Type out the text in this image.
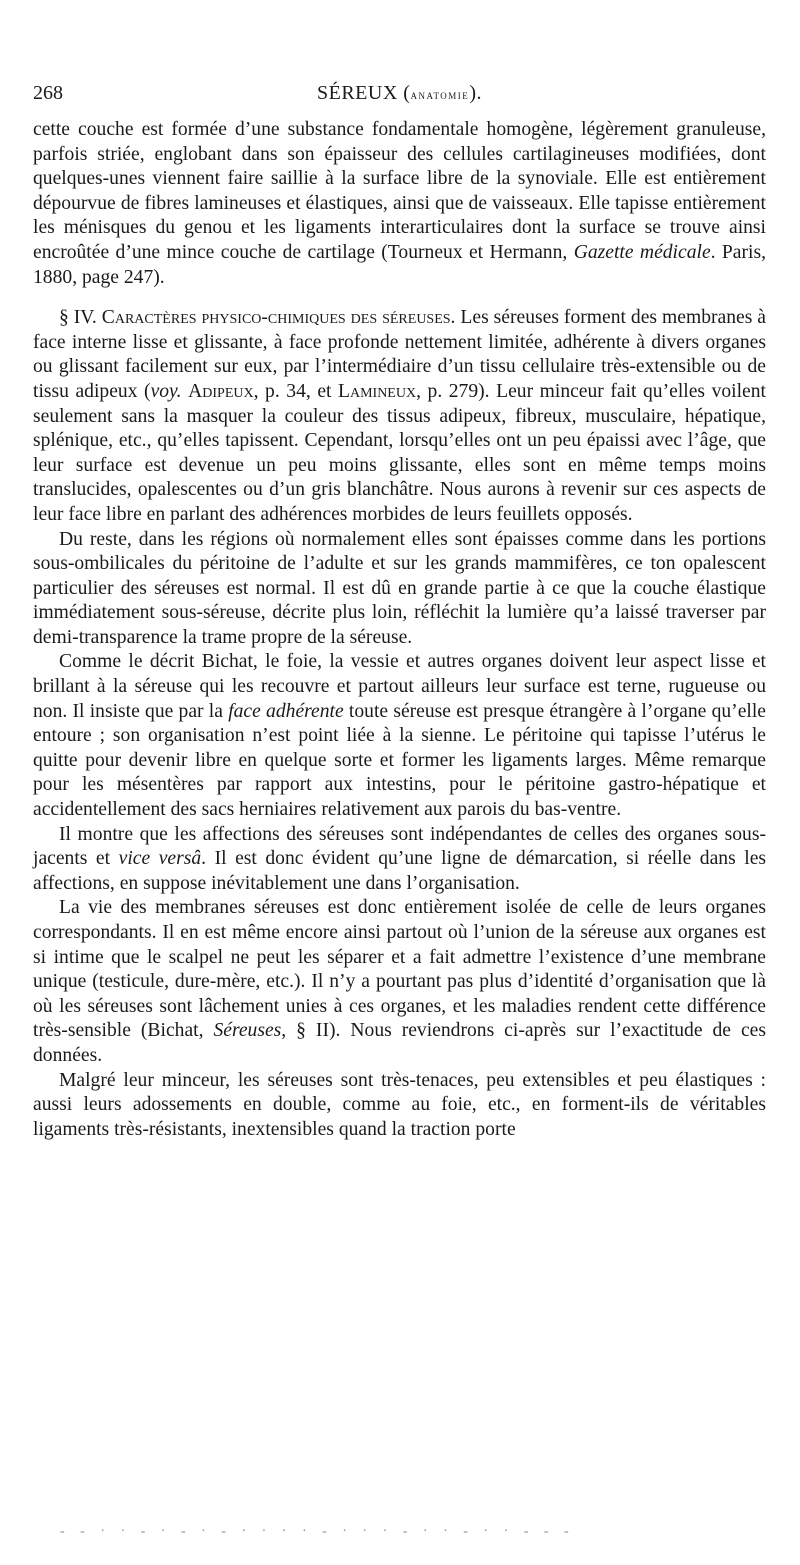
268	SÉREUX (anatomie).

cette couche est formée d’une substance fondamentale homogène, légèrement granuleuse, parfois striée, englobant dans son épaisseur des cellules cartilagineuses modifiées, dont quelques-unes viennent faire saillie à la surface libre de la synoviale. Elle est entièrement dépourvue de fibres lamineuses et élastiques, ainsi que de vaisseaux. Elle tapisse entièrement les ménisques du genou et les ligaments interarticulaires dont la surface se trouve ainsi encroûtée d’une mince couche de cartilage (Tourneux et Hermann, Gazette médicale. Paris, 1880, page 247).

§ IV. Caractères physico-chimiques des séreuses. Les séreuses forment des membranes à face interne lisse et glissante, à face profonde nettement limitée, adhérente à divers organes ou glissant facilement sur eux, par l’intermédiaire d’un tissu cellulaire très-extensible ou de tissu adipeux (voy. Adipeux, p. 34, et Lamineux, p. 279). Leur minceur fait qu’elles voilent seulement sans la masquer la couleur des tissus adipeux, fibreux, musculaire, hépatique, splénique, etc., qu’elles tapissent. Cependant, lorsqu’elles ont un peu épaissi avec l’âge, que leur surface est devenue un peu moins glissante, elles sont en même temps moins translucides, opalescentes ou d’un gris blanchâtre. Nous aurons à revenir sur ces aspects de leur face libre en parlant des adhérences morbides de leurs feuillets opposés.

Du reste, dans les régions où normalement elles sont épaisses comme dans les portions sous-ombilicales du péritoine de l’adulte et sur les grands mammifères, ce ton opalescent particulier des séreuses est normal. Il est dû en grande partie à ce que la couche élastique immédiatement sous-séreuse, décrite plus loin, réfléchit la lumière qu’a laissé traverser par demi-transparence la trame propre de la séreuse.

Comme le décrit Bichat, le foie, la vessie et autres organes doivent leur aspect lisse et brillant à la séreuse qui les recouvre et partout ailleurs leur surface est terne, rugueuse ou non. Il insiste que par la face adhérente toute séreuse est presque étrangère à l’organe qu’elle entoure ; son organisation n’est point liée à la sienne. Le péritoine qui tapisse l’utérus le quitte pour devenir libre en quelque sorte et former les ligaments larges. Même remarque pour les mésentères par rapport aux intestins, pour le péritoine gastro-hépatique et accidentellement des sacs herniaires relativement aux parois du bas-ventre.

Il montre que les affections des séreuses sont indépendantes de celles des organes sous-jacents et vice versâ. Il est donc évident qu’une ligne de démarcation, si réelle dans les affections, en suppose inévitablement une dans l’organisation.

La vie des membranes séreuses est donc entièrement isolée de celle de leurs organes correspondants. Il en est même encore ainsi partout où l’union de la séreuse aux organes est si intime que le scalpel ne peut les séparer et a fait admettre l’existence d’une membrane unique (testicule, dure-mère, etc.). Il n’y a pourtant pas plus d’identité d’organisation que là où les séreuses sont lâchement unies à ces organes, et les maladies rendent cette différence très-sensible (Bichat, Séreuses, § II). Nous reviendrons ci-après sur l’exactitude de ces données.

Malgré leur minceur, les séreuses sont très-tenaces, peu extensibles et peu élastiques : aussi leurs adossements en double, comme au foie, etc., en forment-ils de véritables ligaments très-résistants, inextensibles quand la traction porte

- - · · - · - · - · · · · - · · · - · · - · · - - -
